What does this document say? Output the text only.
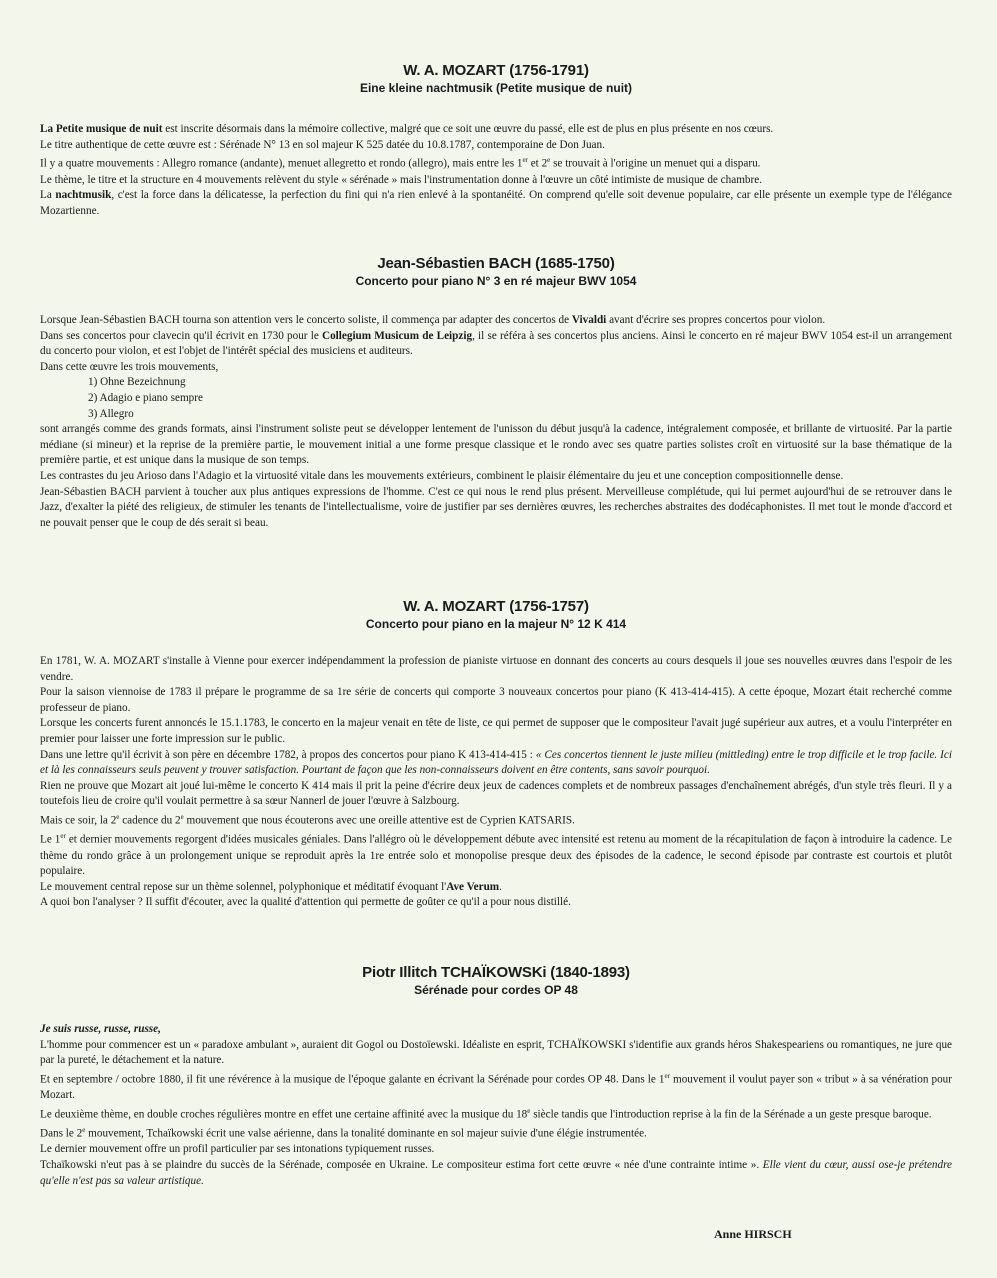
W. A. MOZART (1756-1791)
Eine kleine nachtmusik (Petite musique de nuit)

La Petite musique de nuit est inscrite désormais dans la mémoire collective, malgré que ce soit une œuvre du passé, elle est de plus en plus présente en nos cœurs.

Le titre authentique de cette œuvre est : Sérénade N° 13 en sol majeur K 525 datée du 10.8.1787, contemporaine de Don Juan.

Il y a quatre mouvements : Allegro romance (andante), menuet allegretto et rondo (allegro), mais entre les 1er et 2e se trouvait à l'origine un menuet qui a disparu.

Le thème, le titre et la structure en 4 mouvements relèvent du style « sérénade » mais l'instrumentation donne à l'œuvre un côté intimiste de musique de chambre.

La nachtmusik, c'est la force dans la délicatesse, la perfection du fini qui n'a rien enlevé à la spontanéité. On comprend qu'elle soit devenue populaire, car elle présente un exemple type de l'élégance Mozartienne.

Jean-Sébastien BACH (1685-1750)
Concerto pour piano N° 3 en ré majeur BWV 1054

Lorsque Jean-Sébastien BACH tourna son attention vers le concerto soliste, il commença par adapter des concertos de Vivaldi avant d'écrire ses propres concertos pour violon.

Dans ses concertos pour clavecin qu'il écrivit en 1730 pour le Collegium Musicum de Leipzig, il se référa à ses concertos plus anciens. Ainsi le concerto en ré majeur BWV 1054 est-il un arrangement du concerto pour violon, et est l'objet de l'intérêt spécial des musiciens et auditeurs.

Dans cette œuvre les trois mouvements,

1) Ohne Bezeichnung
2) Adagio e piano sempre
3) Allegro

sont arrangés comme des grands formats, ainsi l'instrument soliste peut se développer lentement de l'unisson du début jusqu'à la cadence, intégralement composée, et brillante de virtuosité. Par la partie médiane (si mineur) et la reprise de la première partie, le mouvement initial a une forme presque classique et le rondo avec ses quatre parties solistes croît en virtuosité sur la base thématique de la première partie, et est unique dans la musique de son temps.

Les contrastes du jeu Arioso dans l'Adagio et la virtuosité vitale dans les mouvements extérieurs, combinent le plaisir élémentaire du jeu et une conception compositionnelle dense.

Jean-Sébastien BACH parvient à toucher aux plus antiques expressions de l'homme. C'est ce qui nous le rend plus présent. Merveilleuse complétude, qui lui permet aujourd'hui de se retrouver dans le Jazz, d'exalter la piété des religieux, de stimuler les tenants de l'intellectualisme, voire de justifier par ses dernières œuvres, les recherches abstraites des dodécaphonistes. Il met tout le monde d'accord et ne pouvait penser que le coup de dés serait si beau.

W. A. MOZART (1756-1757)
Concerto pour piano en la majeur N° 12 K 414

En 1781, W. A. MOZART s'installe à Vienne pour exercer indépendamment la profession de pianiste virtuose en donnant des concerts au cours desquels il joue ses nouvelles œuvres dans l'espoir de les vendre.

Pour la saison viennoise de 1783 il prépare le programme de sa 1re série de concerts qui comporte 3 nouveaux concertos pour piano (K 413-414-415). A cette époque, Mozart était recherché comme professeur de piano.

Lorsque les concerts furent annoncés le 15.1.1783, le concerto en la majeur venait en tête de liste, ce qui permet de supposer que le compositeur l'avait jugé supérieur aux autres, et a voulu l'interpréter en premier pour laisser une forte impression sur le public.

Dans une lettre qu'il écrivit à son père en décembre 1782, à propos des concertos pour piano K 413-414-415 : « Ces concertos tiennent le juste milieu (mittleding) entre le trop difficile et le trop facile. Ici et là les connaisseurs seuls peuvent y trouver satisfaction. Pourtant de façon que les non-connaisseurs doivent en être contents, sans savoir pourquoi.

Rien ne prouve que Mozart ait joué lui-même le concerto K 414 mais il prit la peine d'écrire deux jeux de cadences complets et de nombreux passages d'enchaînement abrégés, d'un style très fleuri. Il y a toutefois lieu de croire qu'il voulait permettre à sa sœur Nannerl de jouer l'œuvre à Salzbourg.

Mais ce soir, la 2e cadence du 2e mouvement que nous écouterons avec une oreille attentive est de Cyprien KATSARIS.

Le 1er et dernier mouvements regorgent d'idées musicales géniales. Dans l'allégro où le développement débute avec intensité est retenu au moment de la récapitulation de façon à introduire la cadence. Le thème du rondo grâce à un prolongement unique se reproduit après la 1re entrée solo et monopolise presque deux des épisodes de la cadence, le second épisode par contraste est courtois et plutôt populaire.

Le mouvement central repose sur un thème solennel, polyphonique et méditatif évoquant l'Ave Verum.

A quoi bon l'analyser ? Il suffit d'écouter, avec la qualité d'attention qui permette de goûter ce qu'il a pour nous distillé.

Piotr Illitch TCHAÏKOWSKi (1840-1893)
Sérénade pour cordes OP 48

Je suis russe, russe, russe,

L'homme pour commencer est un « paradoxe ambulant », auraient dit Gogol ou Dostoïewski. Idéaliste en esprit, TCHAÏKOWSKI s'identifie aux grands héros Shakespeariens ou romantiques, ne jure que par la pureté, le détachement et la nature.

Et en septembre / octobre 1880, il fit une révérence à la musique de l'époque galante en écrivant la Sérénade pour cordes OP 48. Dans le 1er mouvement il voulut payer son « tribut » à sa vénération pour Mozart.

Le deuxième thème, en double croches régulières montre en effet une certaine affinité avec la musique du 18e siècle tandis que l'introduction reprise à la fin de la Sérénade a un geste presque baroque.

Dans le 2e mouvement, Tchaïkowski écrit une valse aérienne, dans la tonalité dominante en sol majeur suivie d'une élégie instrumentée.

Le dernier mouvement offre un profil particulier par ses intonations typiquement russes.

Tchaïkowski n'eut pas à se plaindre du succès de la Sérénade, composée en Ukraine. Le compositeur estima fort cette œuvre « née d'une contrainte intime ». Elle vient du cœur, aussi ose-je prétendre qu'elle n'est pas sa valeur artistique.

Anne HIRSCH
